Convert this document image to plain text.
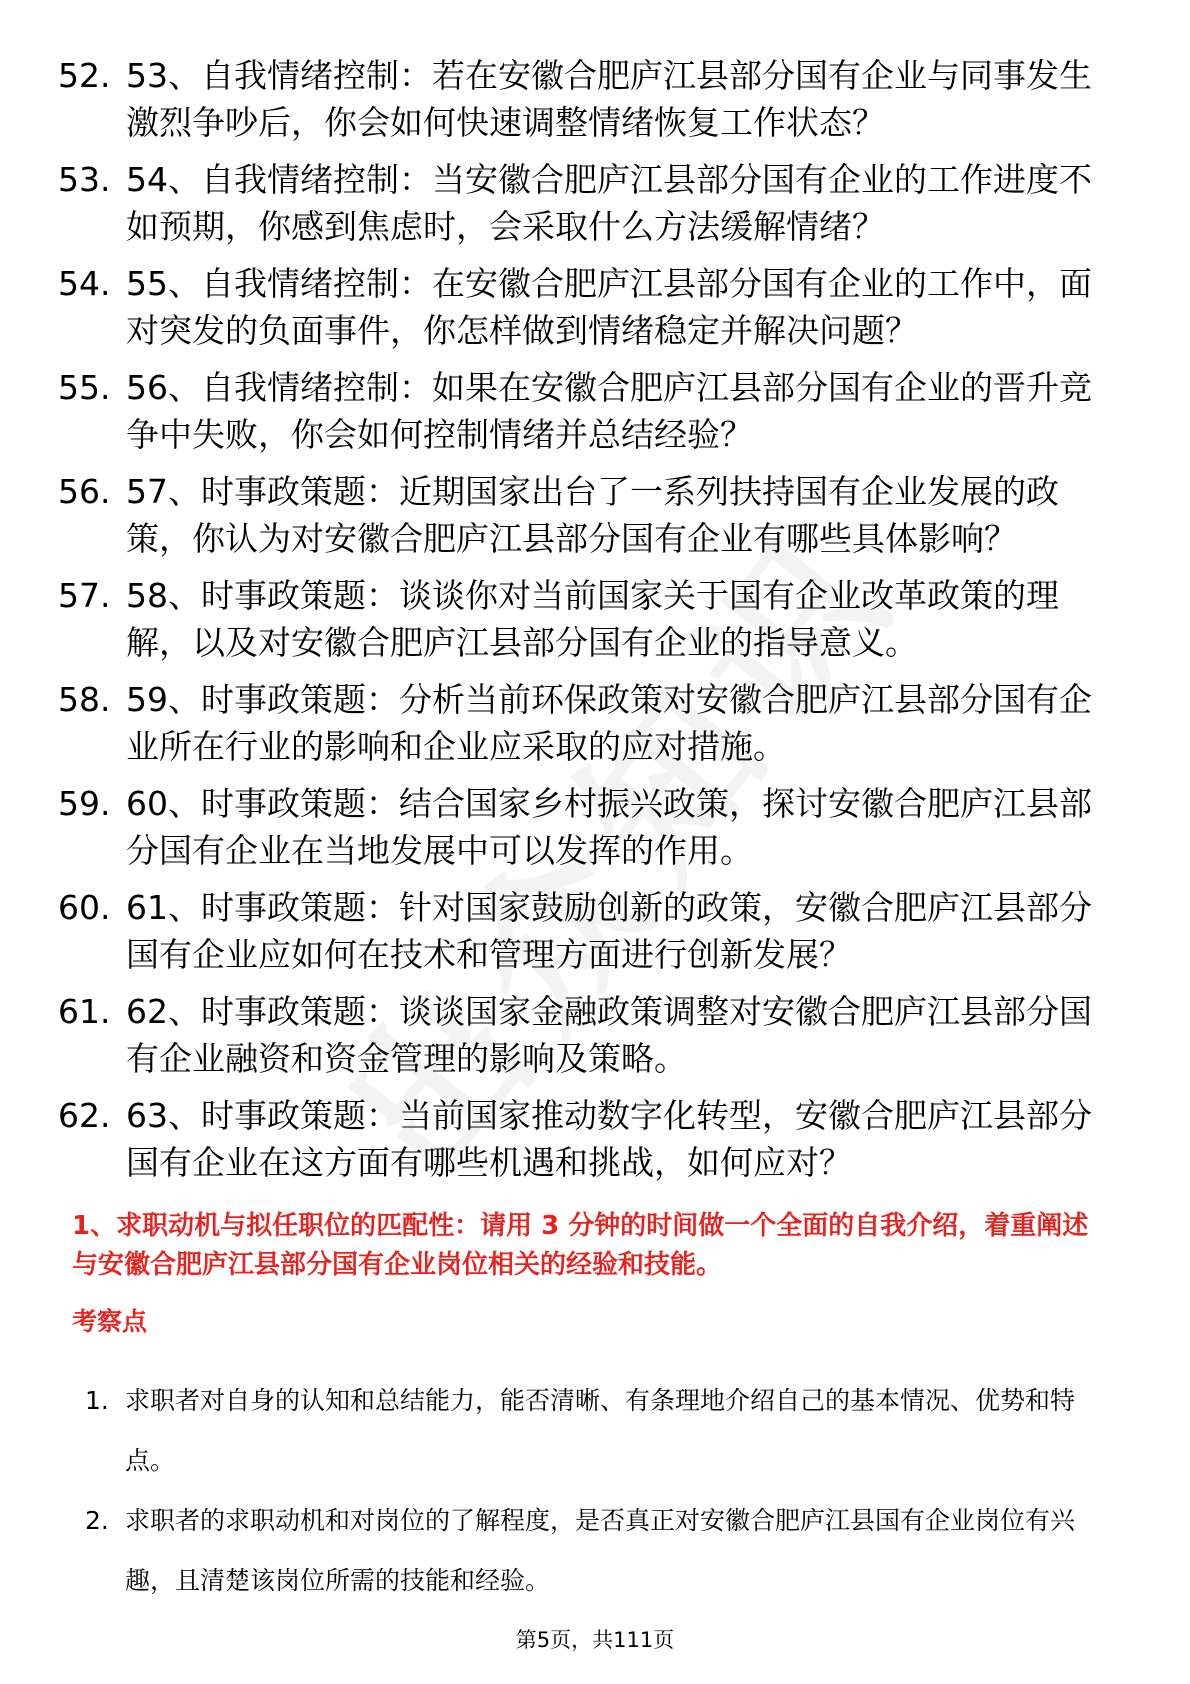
52. 53、自我情绪控制：若在安徽合肥庐江县部分国有企业与同事发生激烈争吵后，你会如何快速调整情绪恢复工作状态？
53. 54、自我情绪控制：当安徽合肥庐江县部分国有企业的工作进度不如预期，你感到焦虑时，会采取什么方法缓解情绪？
54. 55、自我情绪控制：在安徽合肥庐江县部分国有企业的工作中，面对突发的负面事件，你怎样做到情绪稳定并解决问题？
55. 56、自我情绪控制：如果在安徽合肥庐江县部分国有企业的晋升竞争中失败，你会如何控制情绪并总结经验？
56. 57、时事政策题：近期国家出台了一系列扶持国有企业发展的政策，你认为对安徽合肥庐江县部分国有企业有哪些具体影响？
57. 58、时事政策题：谈谈你对当前国家关于国有企业改革政策的理解，以及对安徽合肥庐江县部分国有企业的指导意义。
58. 59、时事政策题：分析当前环保政策对安徽合肥庐江县部分国有企业所在行业的影响和企业应采取的应对措施。
59. 60、时事政策题：结合国家乡村振兴政策，探讨安徽合肥庐江县部分国有企业在当地发展中可以发挥的作用。
60. 61、时事政策题：针对国家鼓励创新的政策，安徽合肥庐江县部分国有企业应如何在技术和管理方面进行创新发展？
61. 62、时事政策题：谈谈国家金融政策调整对安徽合肥庐江县部分国有企业融资和资金管理的影响及策略。
62. 63、时事政策题：当前国家推动数字化转型，安徽合肥庐江县部分国有企业在这方面有哪些机遇和挑战，如何应对？
1、求职动机与拟任职位的匹配性：请用 3 分钟的时间做一个全面的自我介绍，着重阐述与安徽合肥庐江县部分国有企业岗位相关的经验和技能。
考察点
1. 求职者对自身的认知和总结能力，能否清晰、有条理地介绍自己的基本情况、优势和特点。
2. 求职者的求职动机和对岗位的了解程度，是否真正对安徽合肥庐江县国有企业岗位有兴趣，且清楚该岗位所需的技能和经验。
第5页，共111页
